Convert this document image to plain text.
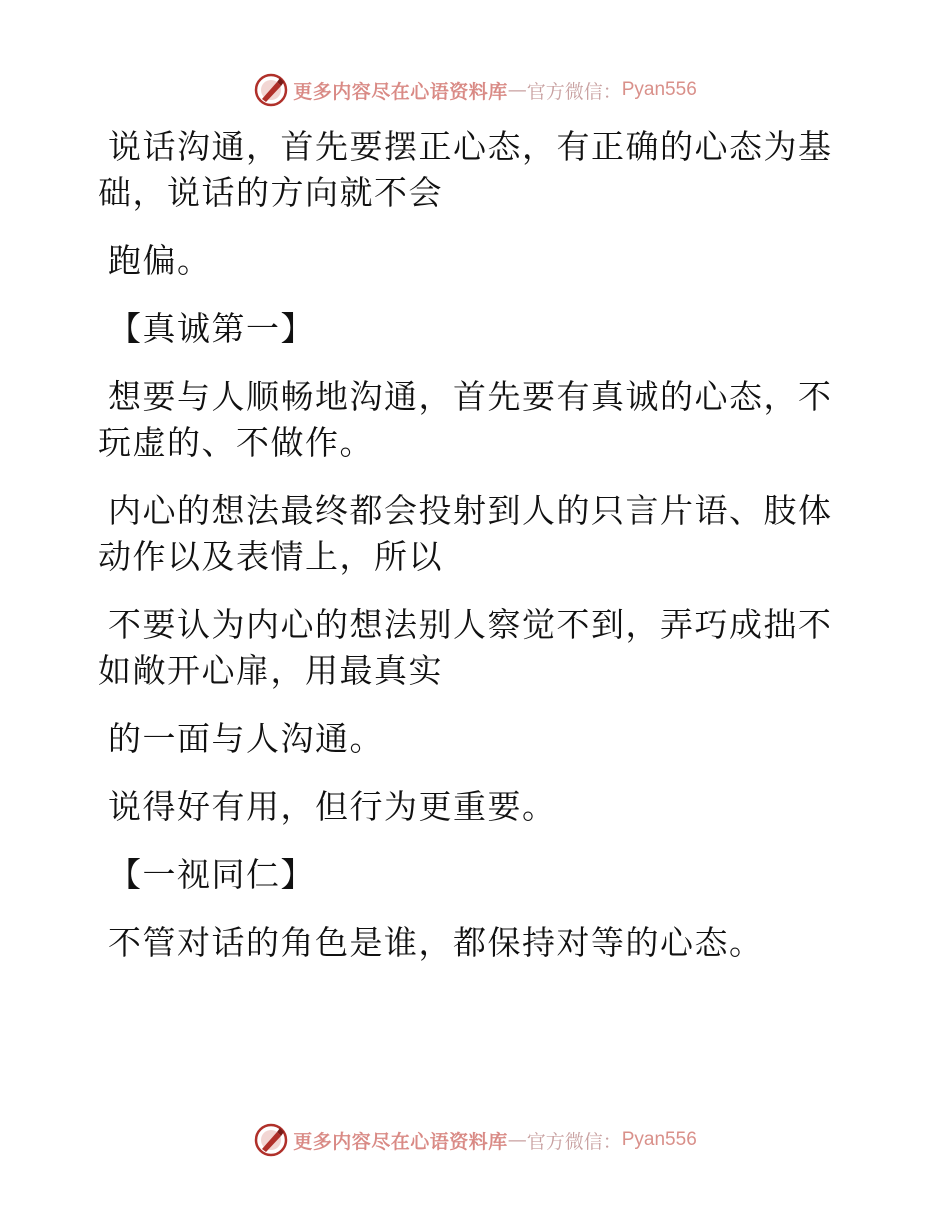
更多内容尽在心语资料库 — 官方微信： Pyan556
说话沟通，首先要摆正心态，有正确的心态为基
础，说话的方向就不会
跑偏。
【真诚第一】
想要与人顺畅地沟通，首先要有真诚的心态，不
玩虚的、不做作。
内心的想法最终都会投射到人的只言片语、肢体
动作以及表情上，所以
不要认为内心的想法别人察觉不到，弄巧成拙不
如敞开心扉，用最真实
的一面与人沟通。
说得好有用，但行为更重要。
【一视同仁】
不管对话的角色是谁，都保持对等的心态。
更多内容尽在心语资料库 — 官方微信： Pyan556
